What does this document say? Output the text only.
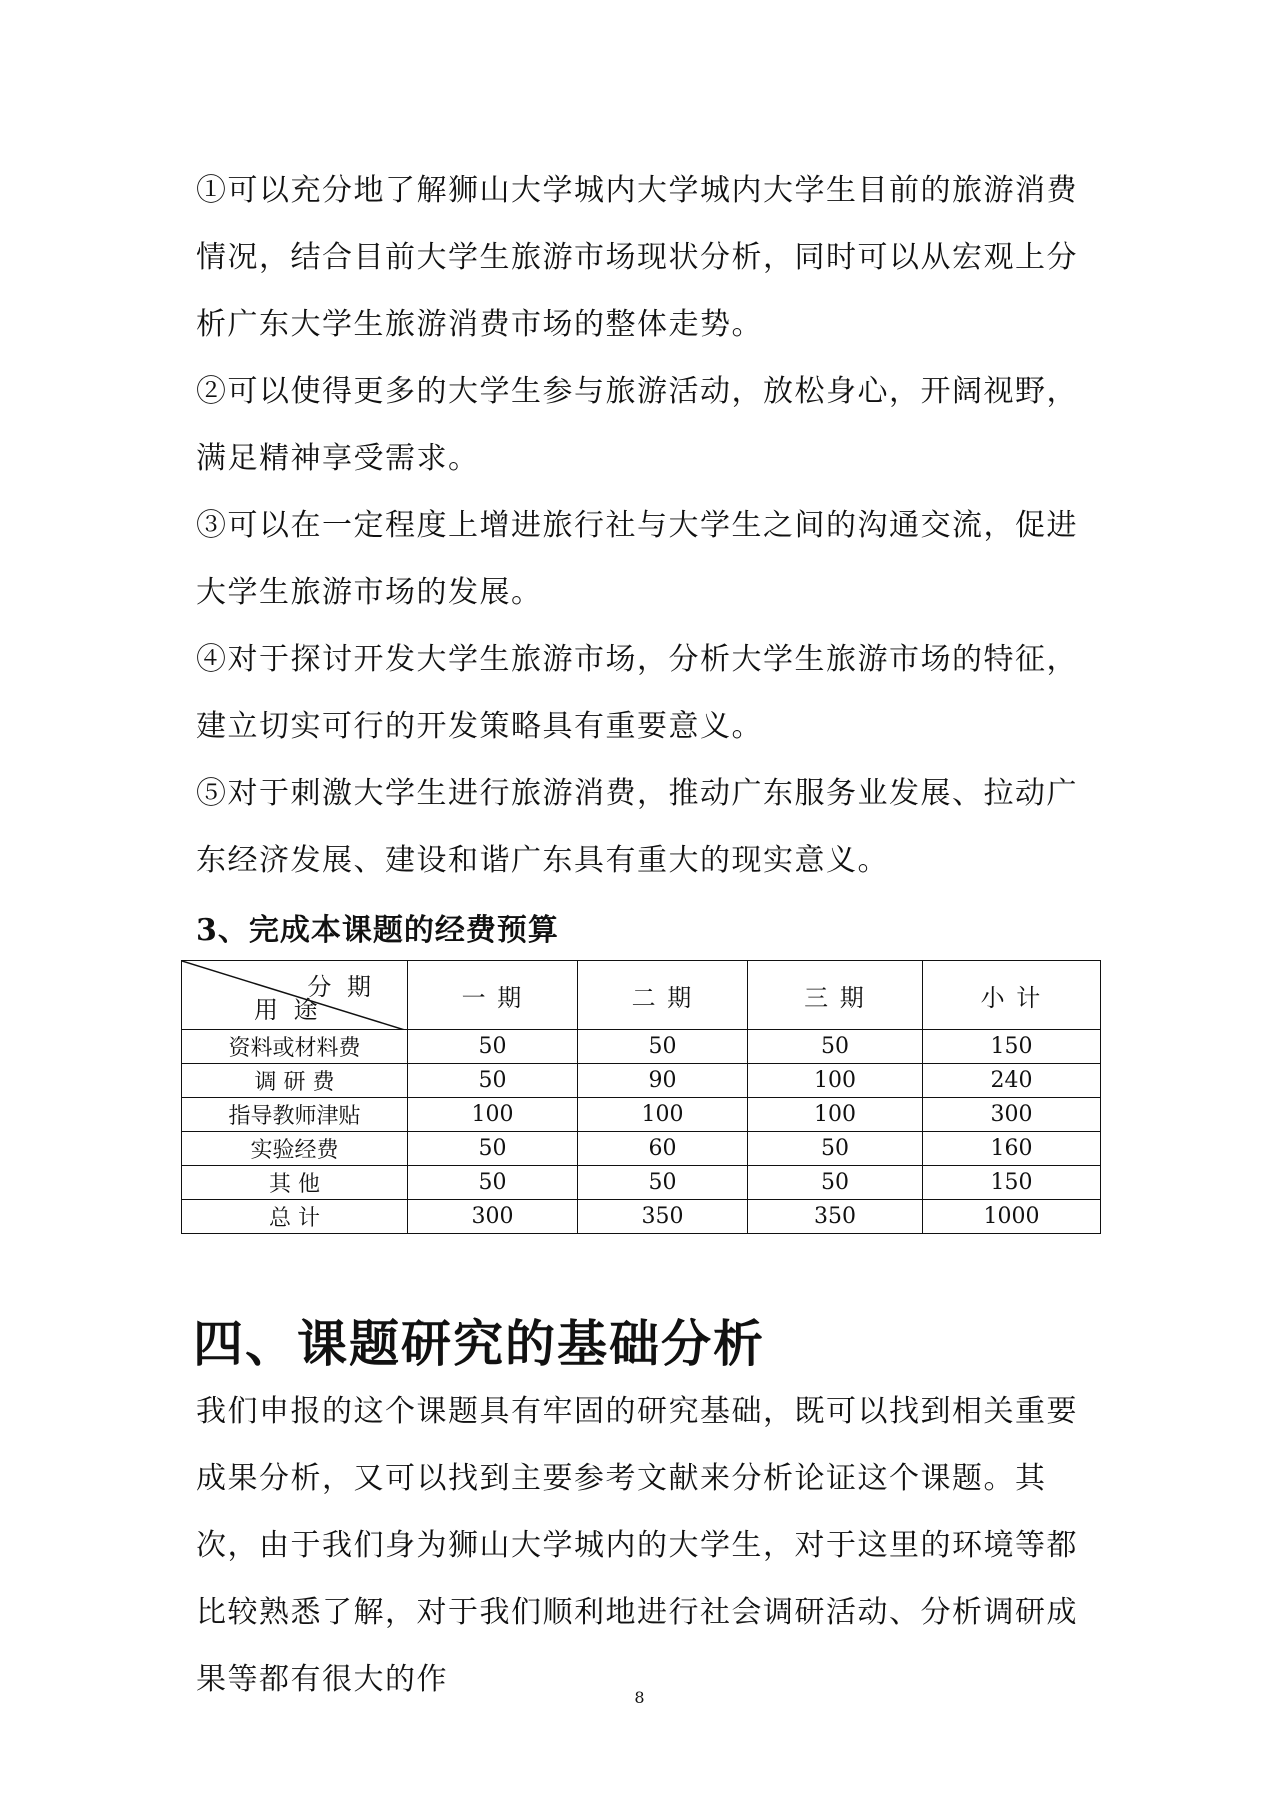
①可以充分地了解狮山大学城内大学城内大学生目前的旅游消费情况，结合目前大学生旅游市场现状分析，同时可以从宏观上分析广东大学生旅游消费市场的整体走势。

②可以使得更多的大学生参与旅游活动，放松身心，开阔视野，满足精神享受需求。

③可以在一定程度上增进旅行社与大学生之间的沟通交流，促进大学生旅游市场的发展。

④对于探讨开发大学生旅游市场，分析大学生旅游市场的特征，建立切实可行的开发策略具有重要意义。

⑤对于刺激大学生进行旅游消费，推动广东服务业发展、拉动广东经济发展、建设和谐广东具有重大的现实意义。

3、完成本课题的经费预算
分 期
用 途	一 期	二 期	三 期	小 计
资料或材料费	50	50	50	150
调 研 费	50	90	100	240
指导教师津贴	100	100	100	300
实验经费	50	60	50	160
其 他	50	50	50	150
总 计	300	350	350	1000
四、课题研究的基础分析

我们申报的这个课题具有牢固的研究基础，既可以找到相关重要成果分析，又可以找到主要参考文献来分析论证这个课题。其次，由于我们身为狮山大学城内的大学生，对于这里的环境等都比较熟悉了解，对于我们顺利地进行社会调研活动、分析调研成果等都有很大的作

8
